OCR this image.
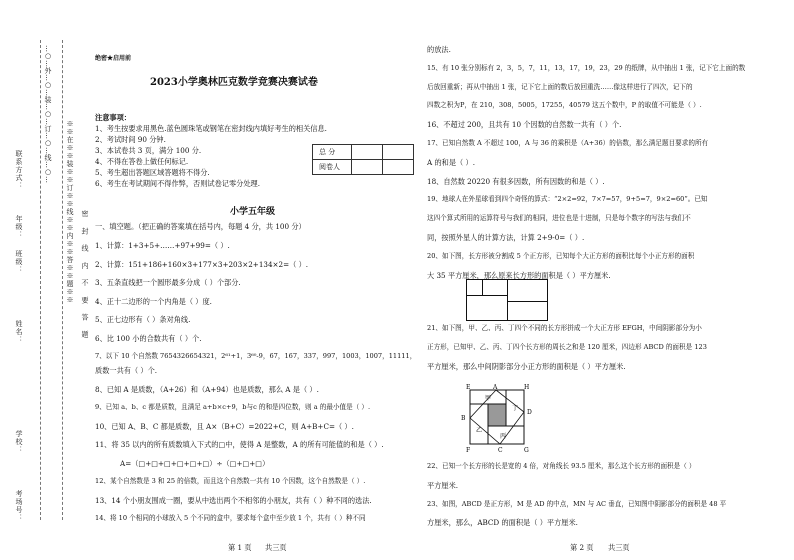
联系方式：
年级：
班级：
姓名：
学校：
考场号：
…○…外…○…装…○…订…○…线…○…
※※在※※装※※订※※线※※内※※答※※题※※ 密 封 线 内 不 要 答 题
绝密★启用前
2023小学奥林匹克数学竞赛决赛试卷
注意事项：
1、考生按要求用黑色.蓝色圆珠笔或钢笔在密封线内填好考生的相关信息.
2、考试时间 90 分钟.
3、本试卷共 3 页，满分 100 分.
4、不得在答卷上做任何标记.
5、考生超出答题区域答题将不得分.
6、考生在考试期间不得作弊，否则试卷记零分处理.
总 分		
阅卷人		
小学五年级
一、填空题。（把正确的答案填在括号内，每题 4 分，共 100 分）
1、计算：1+3+5+……+97+99=（ ）.
2、计算：151+186+160×3+177×3+203×2+134×2=（ ）.
3、五条直线把一个圆形最多分成（ ）个部分.
4、正十二边形的一个内角是（ ）度.
5、正七边形有（ ）条对角线.
6、比 100 小的合数共有（ ）个.
7、以下 10 个自然数 7654326654321，2⁶¹+1，3⁶⁰-9，67，167，337，997，1003，1007，11111，
质数一共有（ ）个.
8、已知 A 是质数，（A+26）和（A+94）也是质数，那么 A 是（ ）.
9、已知 a、b、c 都是质数，且满足 a+b×c+9，b与c 的和是四位数，则 a 的最小值是（ ）.
10、已知 A、B、C 都是质数，且 A×（B+C）=2022+C，则 A+B+C=（ ）.
11、将 35 以内的所有质数填入下式的□中，使得 A 是整数，A 的所有可能值的和是（ ）.
A=（□+□+□+□+□+□）÷（□+□+□）
12、某个自然数是 3 和 25 的倍数，而且这个自然数一共有 10 个因数，这个自然数是（ ）.
13、14 个小朋友围成一圈，要从中选出两个不相邻的小朋友，共有（ ）种不同的选法.
14、将 10 个相同的小球放入 5 个不同的盒中，要求每个盒中至少放 1 个，共有（ ）种不同
第 1 页 共三页
的放法.
15、有 10 张分别标有 2，3，5，7，11，13，17，19，23，29 的纸牌，从中抽出 1 张，记下它上面的数
后放回重新；再从中抽出 1 张，记下它上面的数后放回重洗……像这样进行了四次，记下的
四数之积为P，在 210，308，5005，17255，40579 这五个数中，P 的取值不可能是（ ）.
16、不超过 200，且共有 10 个因数的自然数一共有（ ）个.
17、已知自然数 A 不超过 100，A 与 36 的乘积是（A+36）的倍数，那么满足题目要求的所有
A 的和是（ ）.
18、自然数 20220 有很多因数，所有因数的和是（ ）.
19、地球人在外星球看到四个奇怪的算式：“2×2=92，7×7=57，9+5=7，9×2=60”。已知
这四个算式所用的运算符号与我们的相同，进位也是十进制，只是每个数字的写法与我们不
同，按照外星人的计算方法，计算 2+9-0=（ ）.
20、如下图，长方形被分割成 5 个正方形，已知每个大正方形的面积比每个小正方形的面积
大 35 平方厘米，那么原来长方形的面积是（ ）平方厘米.
21、如下图，甲、乙、丙、丁四个不同的长方形拼成一个大正方形 EFGH，中间阴影部分为小
正方形，已知甲、乙、丙、丁四个长方形的周长之和是 120 厘米，四边形 ABCD 的面积是 123
平方厘米，那么中间阴影部分小正方形的面积是（ ）平方厘米.
E	A	H
B
D
F	C	G
甲
丁
乙
丙
22、已知一个长方形的长是宽的 4 倍，对角线长 93.5 厘米，那么这个长方形的面积是（ ）
平方厘米.
23、如图，ABCD 是正方形，M 是 AD 的中点，MN 与 AC 垂直，已知图中阴影部分的面积是 48 平
方厘米，那么，ABCD 的面积是（ ）平方厘米.
第 2 页 共三页
